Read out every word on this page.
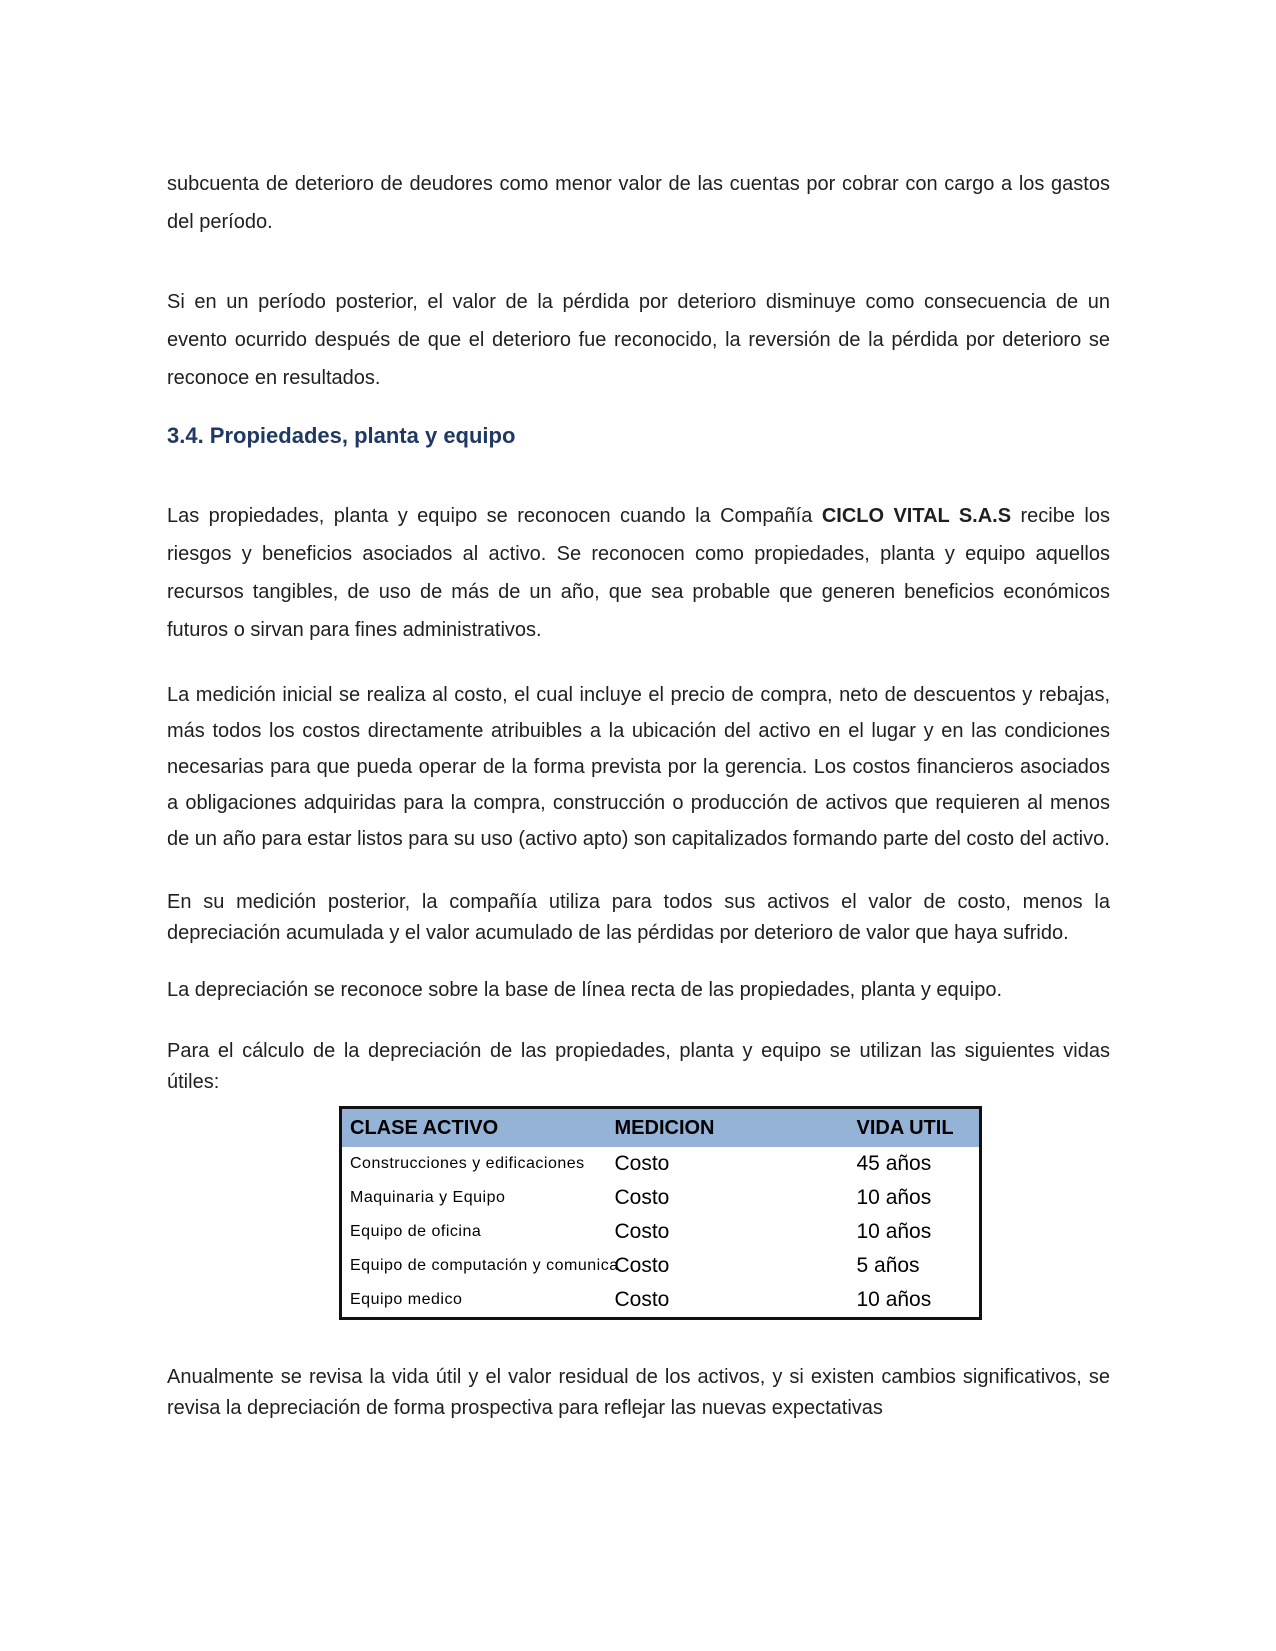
subcuenta de deterioro de deudores como menor valor de las cuentas por cobrar con cargo a los gastos del período.

Si en un período posterior, el valor de la pérdida por deterioro disminuye como consecuencia de un evento ocurrido después de que el deterioro fue reconocido, la reversión de la pérdida por deterioro se reconoce en resultados.

3.4. Propiedades, planta y equipo

Las propiedades, planta y equipo se reconocen cuando la Compañía CICLO VITAL S.A.S recibe los riesgos y beneficios asociados al activo. Se reconocen como propiedades, planta y equipo aquellos recursos tangibles, de uso de más de un año, que sea probable que generen beneficios económicos futuros o sirvan para fines administrativos.

La medición inicial se realiza al costo, el cual incluye el precio de compra, neto de descuentos y rebajas, más todos los costos directamente atribuibles a la ubicación del activo en el lugar y en las condiciones necesarias para que pueda operar de la forma prevista por la gerencia. Los costos financieros asociados a obligaciones adquiridas para la compra, construcción o producción de activos que requieren al menos de un año para estar listos para su uso (activo apto) son capitalizados formando parte del costo del activo.

En su medición posterior, la compañía utiliza para todos sus activos el valor de costo, menos la depreciación acumulada y el valor acumulado de las pérdidas por deterioro de valor que haya sufrido.

La depreciación se reconoce sobre la base de línea recta de las propiedades, planta y equipo.

Para el cálculo de la depreciación de las propiedades, planta y equipo se utilizan las siguientes vidas útiles:

CLASE ACTIVO	MEDICION	VIDA UTIL
Construcciones y edificaciones	Costo	45 años
Maquinaria y Equipo	Costo	10 años
Equipo de oficina	Costo	10 años
Equipo de computación y comunica	Costo	5 años
Equipo medico	Costo	10 años

Anualmente se revisa la vida útil y el valor residual de los activos, y si existen cambios significativos, se revisa la depreciación de forma prospectiva para reflejar las nuevas expectativas
